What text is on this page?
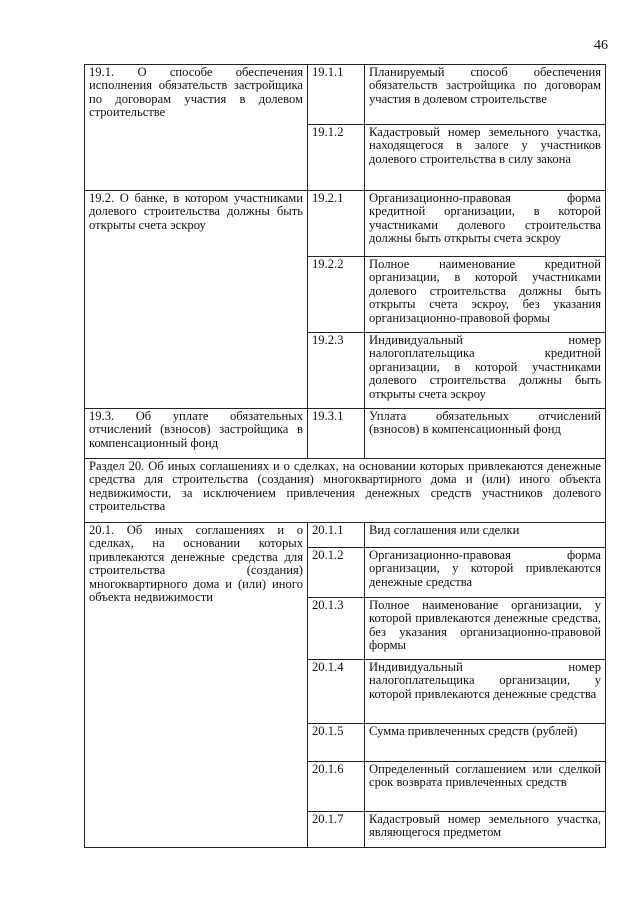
46
19.1. О способе обеспечения исполнения обязательств застройщика по договорам участия в долевом строительстве	19.1.1	Планируемый способ обеспечения обязательств застройщика по договорам участия в долевом строительстве
	19.1.2	Кадастровый номер земельного участка, находящегося в залоге у участников долевого строительства в силу закона
19.2. О банке, в котором участниками долевого строительства должны быть открыты счета эскроу	19.2.1	Организационно-правовая форма кредитной организации, в которой участниками долевого строительства должны быть открыты счета эскроу
	19.2.2	Полное наименование кредитной организации, в которой участниками долевого строительства должны быть открыты счета эскроу, без указания организационно-правовой формы
	19.2.3	Индивидуальный номер налогоплательщика кредитной организации, в которой участниками долевого строительства должны быть открыты счета эскроу
19.3. Об уплате обязательных отчислений (взносов) застройщика в компенсационный фонд	19.3.1	Уплата обязательных отчислений (взносов) в компенсационный фонд
Раздел 20. Об иных соглашениях и о сделках, на основании которых привлекаются денежные средства для строительства (создания) многоквартирного дома и (или) иного объекта недвижимости, за исключением привлечения денежных средств участников долевого строительства		
20.1. Об иных соглашениях и о сделках, на основании которых привлекаются денежные средства для строительства (создания) многоквартирного дома и (или) иного объекта недвижимости	20.1.1	Вид соглашения или сделки
	20.1.2	Организационно-правовая форма организации, у которой привлекаются денежные средства
	20.1.3	Полное наименование организации, у которой привлекаются денежные средства, без указания организационно-правовой формы
	20.1.4	Индивидуальный номер налогоплательщика организации, у которой привлекаются денежные средства
	20.1.5	Сумма привлеченных средств (рублей)
	20.1.6	Определенный соглашением или сделкой срок возврата привлеченных средств
	20.1.7	Кадастровый номер земельного участка, являющегося предметом
